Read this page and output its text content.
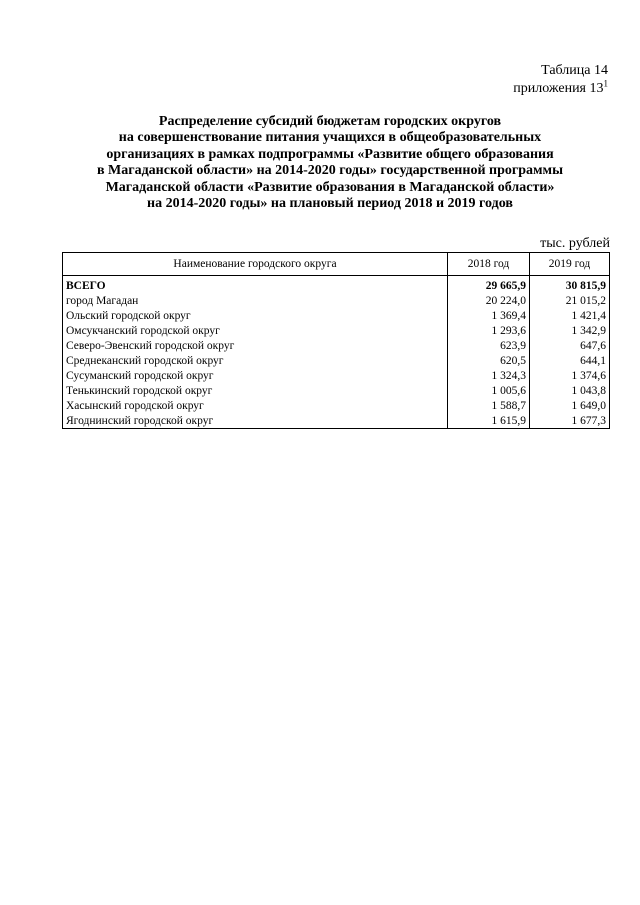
Таблица 14
приложения $13^1$
Распределение субсидий бюджетам городских округов
на совершенствование питания учащихся в общеобразовательных
организациях в рамках подпрограммы «Развитие общего образования
в Магаданской области» на 2014-2020 годы» государственной программы
Магаданской области «Развитие образования в Магаданской области»
на 2014-2020 годы» на плановый период 2018 и 2019 годов
тыс. рублей
Наименование городского округа	2018 год	2019 год
ВСЕГО	29 665,9	30 815,9
город Магадан	20 224,0	21 015,2
Ольский городской округ	1 369,4	1 421,4
Омсукчанский городской округ	1 293,6	1 342,9
Северо-Эвенский городской округ	623,9	647,6
Среднеканский городской округ	620,5	644,1
Сусуманский городской округ	1 324,3	1 374,6
Тенькинский городской округ	1 005,6	1 043,8
Хасынский городской округ	1 588,7	1 649,0
Ягоднинский городской округ	1 615,9	1 677,3
